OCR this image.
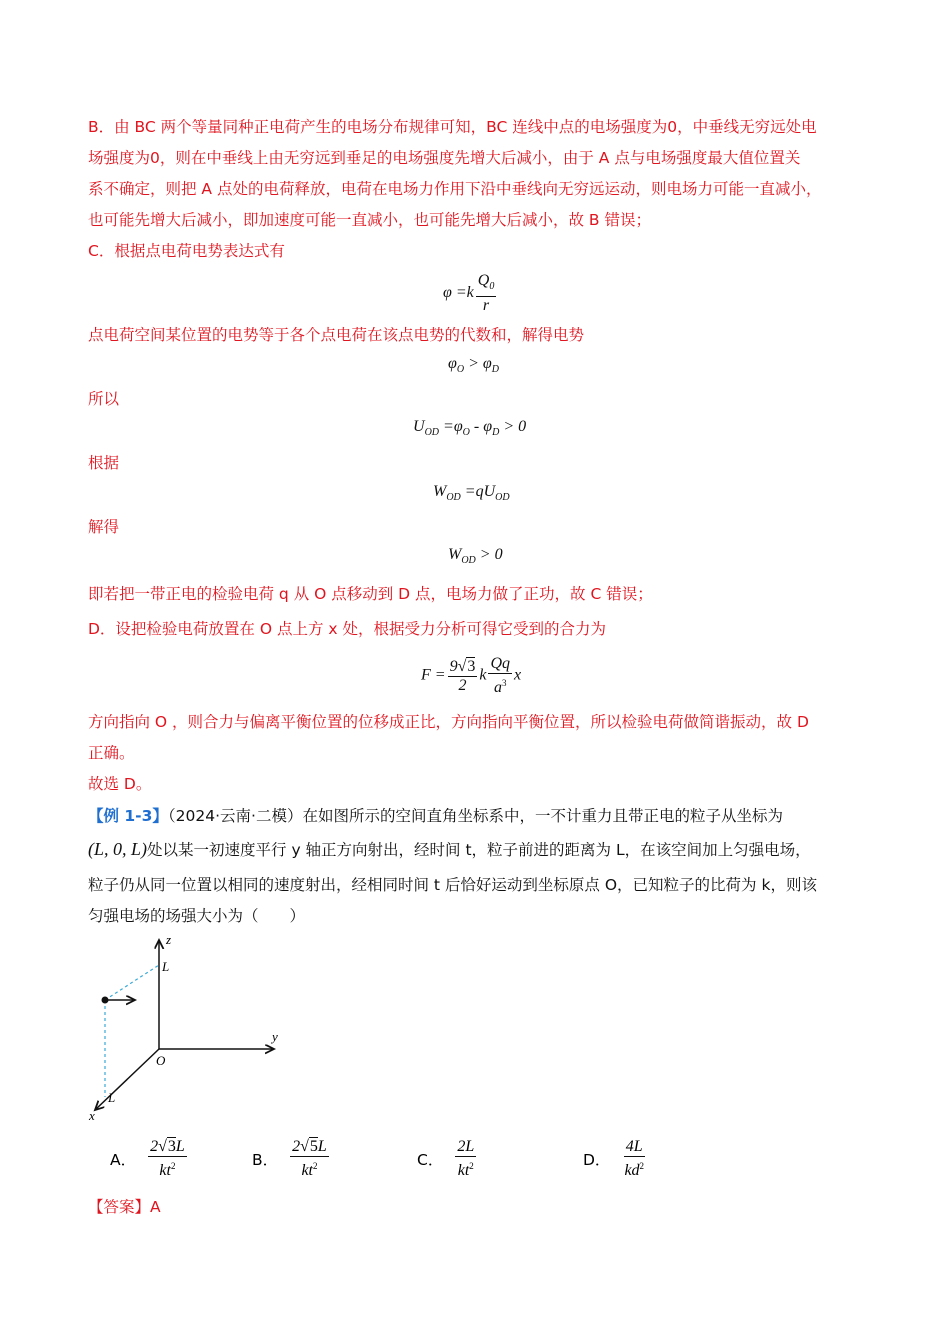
B．由 BC 两个等量同种正电荷产生的电场分布规律可知，BC 连线中点的电场强度为0，中垂线无穷远处电
场强度为0，则在中垂线上由无穷远到垂足的电场强度先增大后减小，由于 A 点与电场强度最大值位置关
系不确定，则把 A 点处的电荷释放，电荷在电场力作用下沿中垂线向无穷远运动，则电场力可能一直减小，
也可能先增大后减小，即加速度可能一直减小，也可能先增大后减小，故 B 错误；
C．根据点电荷电势表达式有
$\varphi =k \frac{Q_0}{r}$
点电荷空间某位置的电势等于各个点电荷在该点电势的代数和，解得电势
$\varphi_O > \varphi_D$
所以
$U_{OD} =\varphi_O - \varphi_D > 0$
根据
$W_{OD} =qU_{OD}$
解得
$W_{OD} > 0$
即若把一带正电的检验电荷 q 从 O 点移动到 D 点，电场力做了正功，故 C 错误；
D．设把检验电荷放置在 O 点上方 x 处，根据受力分析可得它受到的合力为
$F = \frac{9√3}{2}$ k $\frac{Qq}{a^3}$ x
方向指向 O ，则合力与偏离平衡位置的位移成正比，方向指向平衡位置，所以检验电荷做简谐振动，故 D
正确。
故选 D。
【例 1-3】（2024·云南·二模）在如图所示的空间直角坐标系中，一不计重力且带正电的粒子从坐标为
(L, 0, L)处以某一初速度平行 y 轴正方向射出，经时间 t，粒子前进的距离为 L，在该空间加上匀强电场，
粒子仍从同一位置以相同的速度射出，经相同时间 t 后恰好运动到坐标原点 O，已知粒子的比荷为 k，则该
匀强电场的场强大小为（　　）
z
L
y
O
L
x
A． $\frac{2√3L}{kt^2}$	B． $\frac{2√5L}{kt^2}$	C． $\frac{2L}{kt^2}$	D． $\frac{4L}{kd^2}$
【答案】A
